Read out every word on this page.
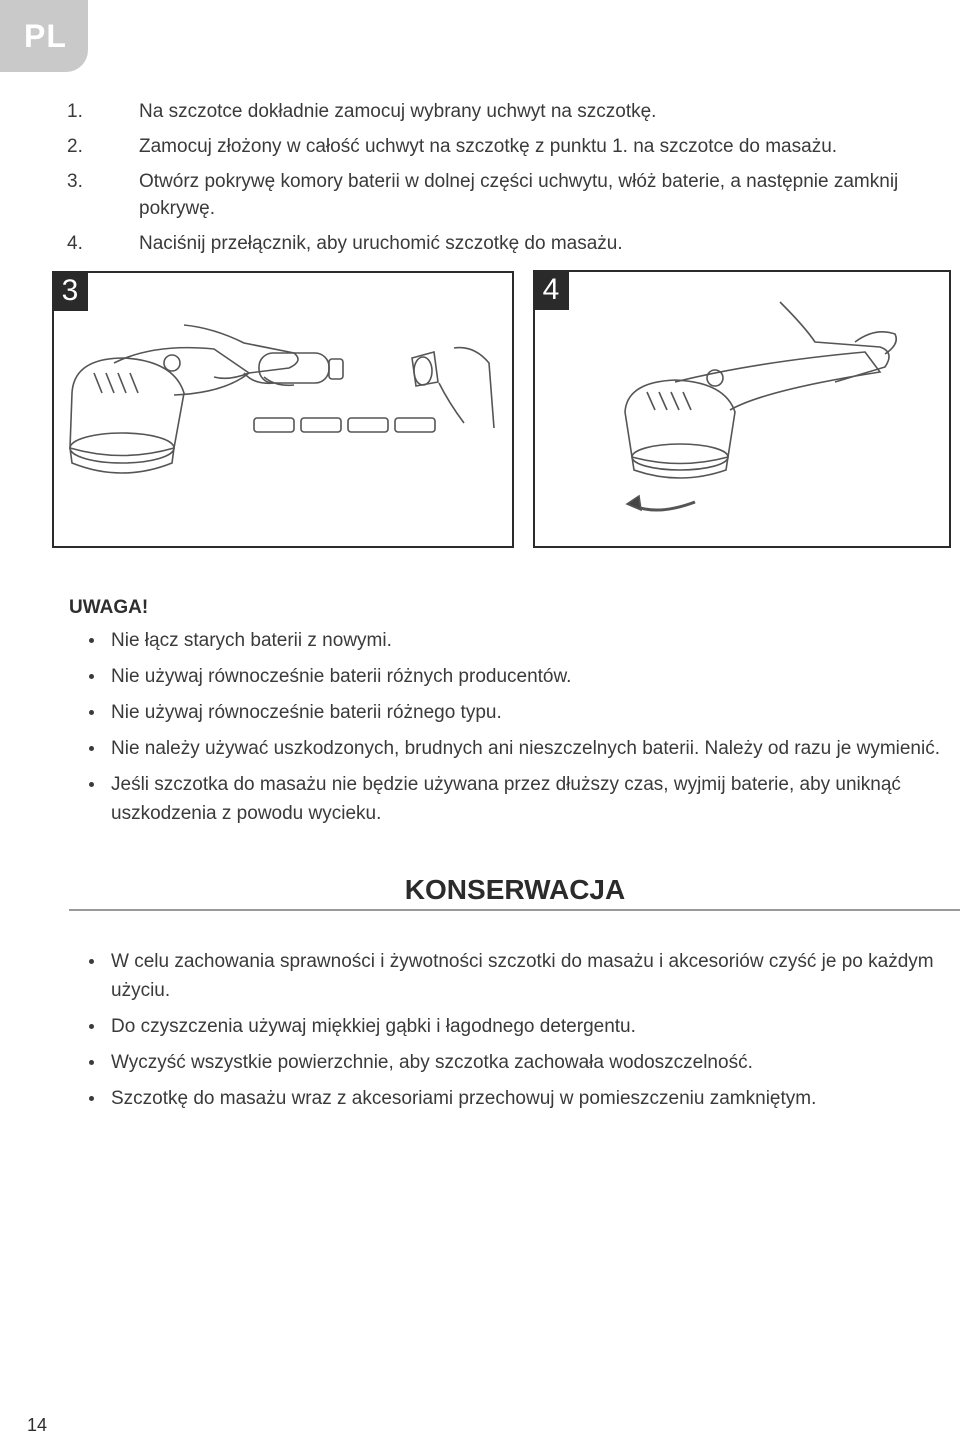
PL
1.	Na szczotce dokładnie zamocuj wybrany uchwyt na szczotkę.
2.	Zamocuj złożony w całość uchwyt na szczotkę z punktu 1. na szczotce do masażu.
3.	Otwórz pokrywę komory baterii w dolnej części uchwytu, włóż baterie, a następnie zamknij pokrywę.
4.	Naciśnij przełącznik, aby uruchomić szczotkę do masażu.
3	4
UWAGA!
Nie łącz starych baterii z nowymi.
Nie używaj równocześnie baterii różnych producentów.
Nie używaj równocześnie baterii różnego typu.
Nie należy używać uszkodzonych, brudnych ani nieszczelnych baterii. Należy od razu je wymienić.
Jeśli szczotka do masażu nie będzie używana przez dłuższy czas, wyjmij baterie, aby uniknąć uszkodzenia z powodu wycieku.
KONSERWACJA
W celu zachowania sprawności i żywotności szczotki do masażu i akcesoriów czyść je po każdym użyciu.
Do czyszczenia używaj miękkiej gąbki i łagodnego detergentu.
Wyczyść wszystkie powierzchnie, aby szczotka zachowała wodoszczelność.
Szczotkę do masażu wraz z akcesoriami przechowuj w pomieszczeniu zamkniętym.
14
